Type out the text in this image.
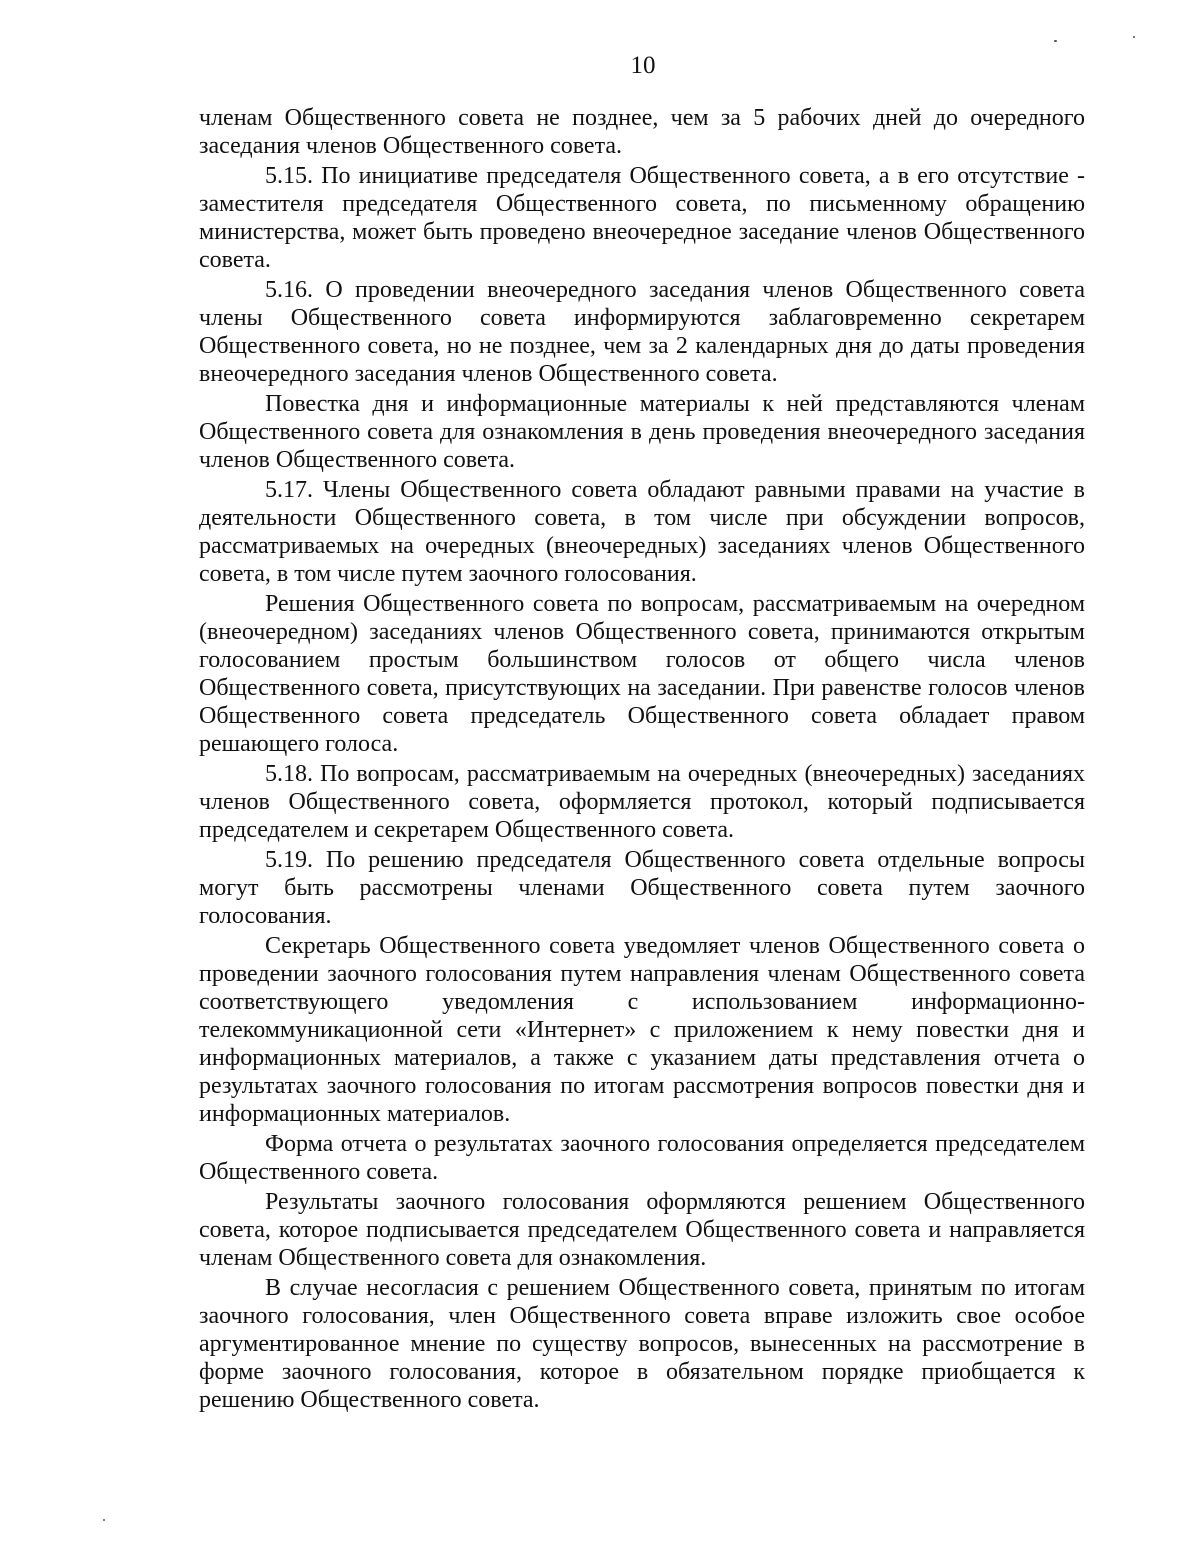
10

членам Общественного совета не позднее, чем за 5 рабочих дней до очередного заседания членов Общественного совета.

5.15. По инициативе председателя Общественного совета, а в его отсутствие - заместителя председателя Общественного совета, по письменному обращению министерства, может быть проведено внеочередное заседание членов Общественного совета.

5.16. О проведении внеочередного заседания членов Общественного совета члены Общественного совета информируются заблаговременно секретарем Общественного совета, но не позднее, чем за 2 календарных дня до даты проведения внеочередного заседания членов Общественного совета.

Повестка дня и информационные материалы к ней представляются членам Общественного совета для ознакомления в день проведения внеочередного заседания членов Общественного совета.

5.17. Члены Общественного совета обладают равными правами на участие в деятельности Общественного совета, в том числе при обсуждении вопросов, рассматриваемых на очередных (внеочередных) заседаниях членов Общественного совета, в том числе путем заочного голосования.

Решения Общественного совета по вопросам, рассматриваемым на очередном (внеочередном) заседаниях членов Общественного совета, принимаются открытым голосованием простым большинством голосов от общего числа членов Общественного совета, присутствующих на заседании. При равенстве голосов членов Общественного совета председатель Общественного совета обладает правом решающего голоса.

5.18. По вопросам, рассматриваемым на очередных (внеочередных) заседаниях членов Общественного совета, оформляется протокол, который подписывается председателем и секретарем Общественного совета.

5.19. По решению председателя Общественного совета отдельные вопросы могут быть рассмотрены членами Общественного совета путем заочного голосования.

Секретарь Общественного совета уведомляет членов Общественного совета о проведении заочного голосования путем направления членам Общественного совета соответствующего уведомления с использованием информационно-телекоммуникационной сети «Интернет» с приложением к нему повестки дня и информационных материалов, а также с указанием даты представления отчета о результатах заочного голосования по итогам рассмотрения вопросов повестки дня и информационных материалов.

Форма отчета о результатах заочного голосования определяется председателем Общественного совета.

Результаты заочного голосования оформляются решением Общественного совета, которое подписывается председателем Общественного совета и направляется членам Общественного совета для ознакомления.

В случае несогласия с решением Общественного совета, принятым по итогам заочного голосования, член Общественного совета вправе изложить свое особое аргументированное мнение по существу вопросов, вынесенных на рассмотрение в форме заочного голосования, которое в обязательном порядке приобщается к решению Общественного совета.
